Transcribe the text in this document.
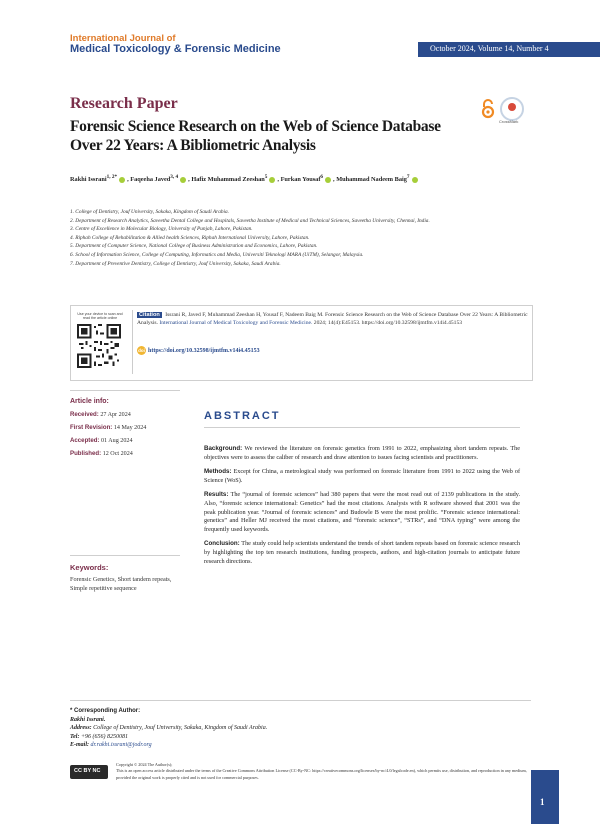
International Journal of
Medical Toxicology & Forensic Medicine	October 2024, Volume 14, Number 4
Research Paper
Forensic Science Research on the Web of Science Database
Over 22 Years: A Bibliometric Analysis
CrossMark
Rakhi Issrani$^{1, 2*}$ , Faqeeha Javed$^{3, 4}$ , Hafiz Muhammad Zeeshan$^5$ , Furkan Yousaf$^6$ , Muhammad Nadeem Baig$^7$
1. College of Dentistry, Jouf University, Sakaka, Kingdom of Saudi Arabia.
2. Department of Research Analytics, Saveetha Dental College and Hospitals, Saveetha Institute of Medical and Technical Sciences, Saveetha University, Chennai, India.
3. Centre of Excellence in Molecular Biology, University of Punjab, Lahore, Pakistan.
4. Riphah College of Rehabilitation & Allied health Sciences, Riphah International University, Lahore, Pakistan.
5. Department of Computer Science, National College of Business Administration and Economics, Lahore, Pakistan.
6. School of Information Science, College of Computing, Informatics and Media, Universiti Teknologi MARA (UiTM), Selangor, Malaysia.
7. Department of Preventive Dentistry, College of Dentistry, Jouf University, Sakaka, Saudi Arabia.
Use your device to scan and read the article online
Citation Issrani R, Javed F, Muhammad Zeeshan H, Yousaf F, Nadeem Baig M. Forensic Science Research on the Web of Science Database Over 22 Years: A Bibliometric Analysis. International Journal of Medical Toxicology and Forensic Medicine. 2024; 14(4):E45153. https://doi.org/10.32598/ijmtfm.v14i4.45153
doi https://doi.org/10.32598/ijmtfm.v14i4.45153
Article info:
Received: 27 Apr 2024
First Revision: 14 May 2024
Accepted: 01 Aug 2024
Published: 12 Oct 2024
Keywords:
Forensic Genetics, Short tandem repeats, Simple repetitive sequence
ABSTRACT

Background: We reviewed the literature on forensic genetics from 1991 to 2022, emphasizing short tandem repeats. The objectives were to assess the caliber of research and draw attention to issues facing scientists and practitioners.

Methods: Except for China, a metrological study was performed on forensic literature from 1991 to 2022 using the Web of Science (WoS).

Results: The “journal of forensic sciences” had 380 papers that were the most read out of 2139 publications in the study. Also, “forensic science international: Genetics” had the most citations. Analysis with R software showed that 2001 was the peak publication year. “Journal of forensic sciences” and Budowle B were the most prolific. “Forensic science international: genetics” and Heller MJ received the most citations, and “forensic science”, “STRs”, and “DNA typing” were among the frequently used keywords.

Conclusion: The study could help scientists understand the trends of short tandem repeats based on forensic science research by highlighting the top ten research institutions, funding prospects, authors, and high-citation journals to anticipate future research directions.

* Corresponding Author:
Rakhi Issrani.
Address: College of Dentistry, Jouf University, Sakaka, Kingdom of Saudi Arabia.
Tel: +96 (656) 8250081
E-mail: dr.rakhi.issrani@jodr.org
CC BY NC
Copyright © 2024 The Author(s);
This is an open access article distributed under the terms of the Creative Commons Attribution License (CC-By-NC: https://creativecommons.org/licenses/by-nc/4.0/legalcode.en), which permits use, distribution, and reproduction in any medium, provided the original work is properly cited and is not used for commercial purposes.
1
